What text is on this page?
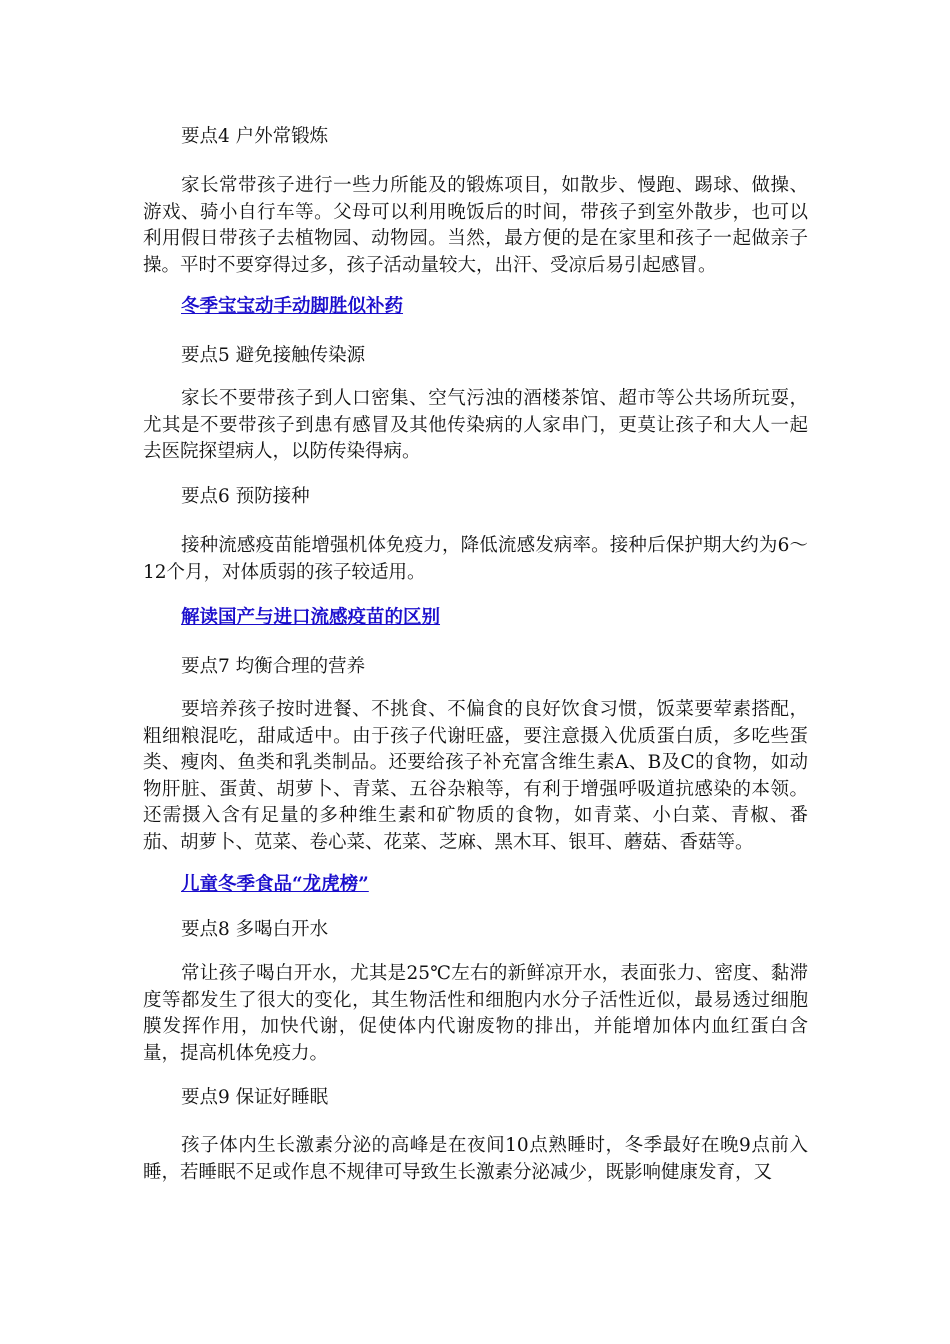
要点4 户外常锻炼
家长常带孩子进行一些力所能及的锻炼项目，如散步、慢跑、踢球、做操、游戏、骑小自行车等。父母可以利用晚饭后的时间，带孩子到室外散步，也可以利用假日带孩子去植物园、动物园。当然，最方便的是在家里和孩子一起做亲子操。平时不要穿得过多，孩子活动量较大，出汗、受凉后易引起感冒。
冬季宝宝动手动脚胜似补药
要点5 避免接触传染源
家长不要带孩子到人口密集、空气污浊的酒楼茶馆、超市等公共场所玩耍，尤其是不要带孩子到患有感冒及其他传染病的人家串门，更莫让孩子和大人一起去医院探望病人，以防传染得病。
要点6 预防接种
接种流感疫苗能增强机体免疫力，降低流感发病率。接种后保护期大约为6～12个月，对体质弱的孩子较适用。
解读国产与进口流感疫苗的区别
要点7 均衡合理的营养
要培养孩子按时进餐、不挑食、不偏食的良好饮食习惯，饭菜要荤素搭配，粗细粮混吃，甜咸适中。由于孩子代谢旺盛，要注意摄入优质蛋白质，多吃些蛋类、瘦肉、鱼类和乳类制品。还要给孩子补充富含维生素A、B及C的食物，如动物肝脏、蛋黄、胡萝卜、青菜、五谷杂粮等，有利于增强呼吸道抗感染的本领。还需摄入含有足量的多种维生素和矿物质的食物，如青菜、小白菜、青椒、番茄、胡萝卜、苋菜、卷心菜、花菜、芝麻、黑木耳、银耳、蘑菇、香菇等。
儿童冬季食品“龙虎榜”
要点8 多喝白开水
常让孩子喝白开水，尤其是25℃左右的新鲜凉开水，表面张力、密度、黏滞度等都发生了很大的变化，其生物活性和细胞内水分子活性近似，最易透过细胞膜发挥作用，加快代谢，促使体内代谢废物的排出，并能增加体内血红蛋白含量，提高机体免疫力。
要点9 保证好睡眠
孩子体内生长激素分泌的高峰是在夜间10点熟睡时，冬季最好在晚9点前入睡，若睡眠不足或作息不规律可导致生长激素分泌减少，既影响健康发育，又
